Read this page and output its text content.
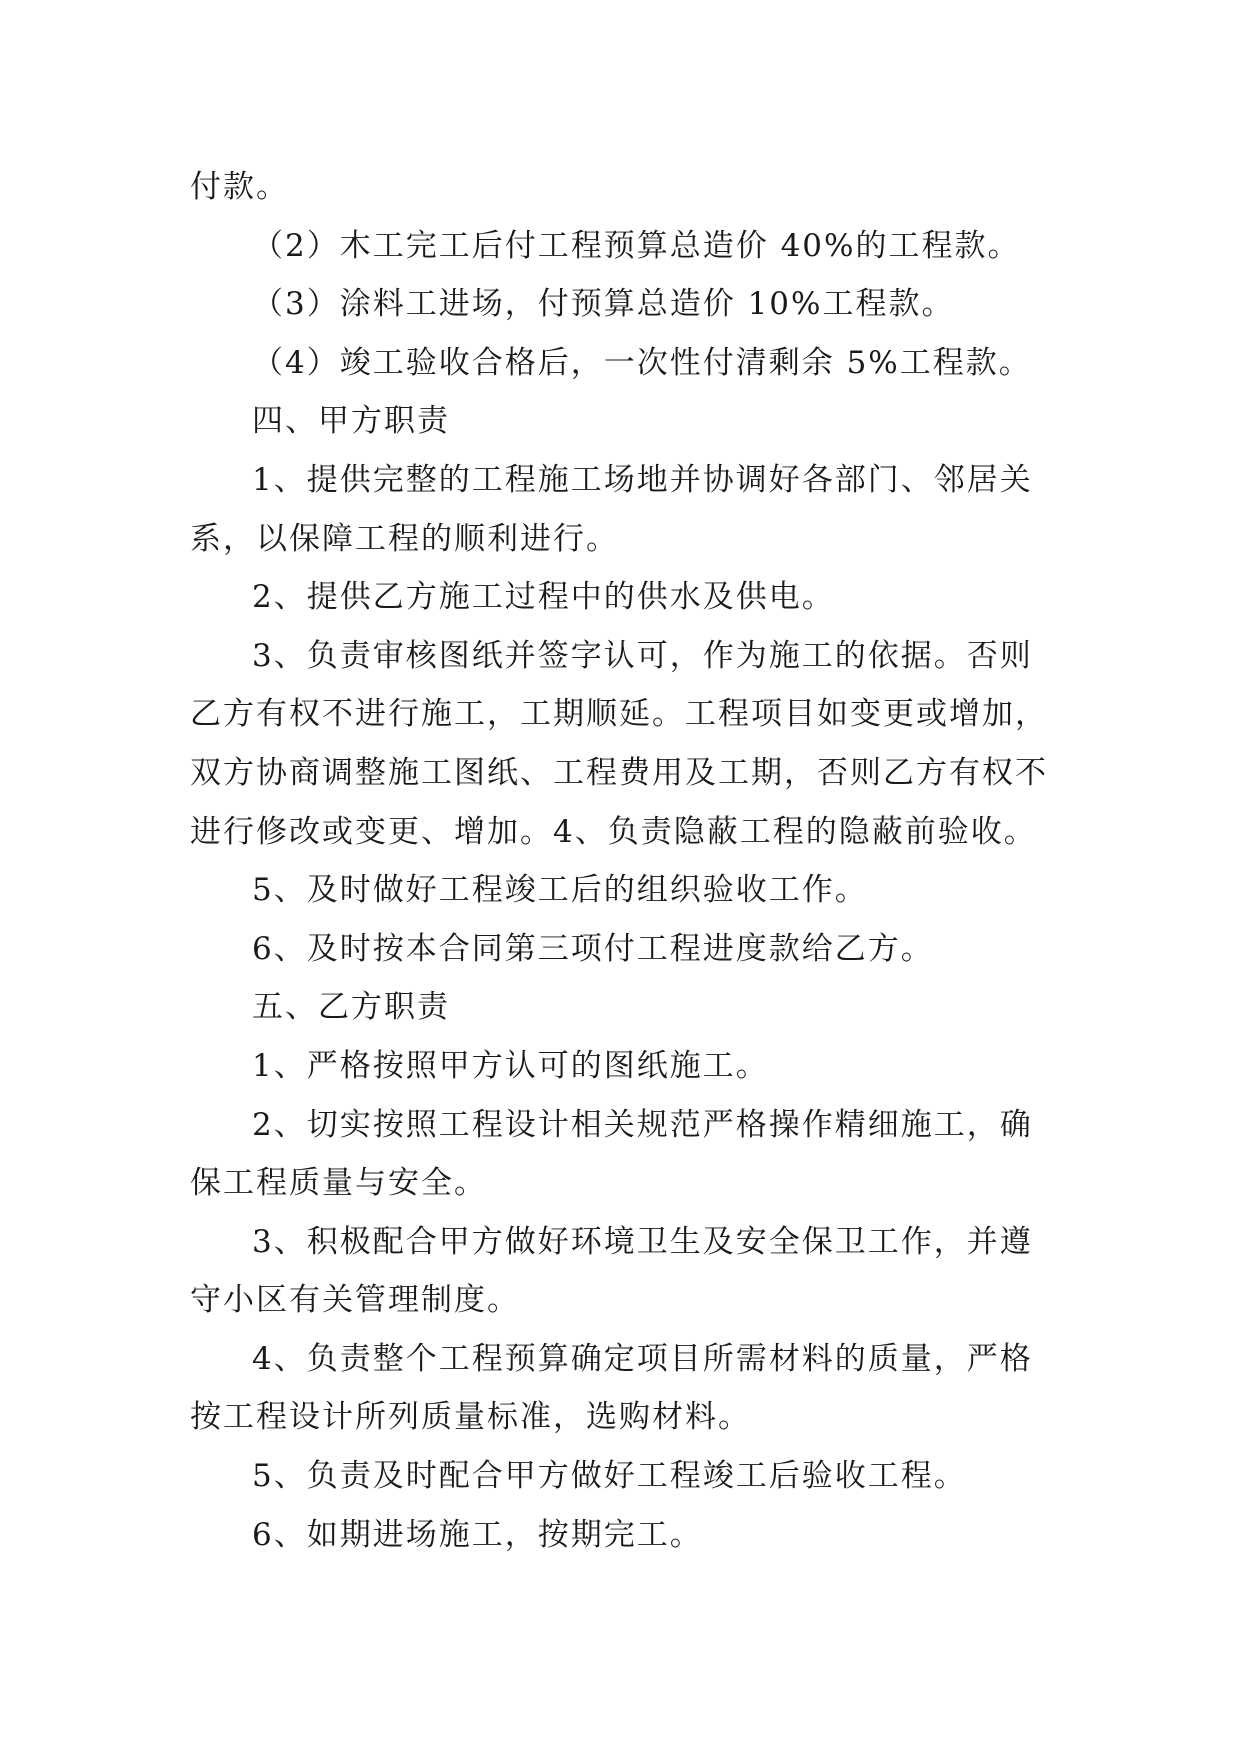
付款。

（2）木工完工后付工程预算总造价 40%的工程款。

（3）涂料工进场，付预算总造价 10%工程款。

（4）竣工验收合格后，一次性付清剩余 5%工程款。

四、甲方职责

1、提供完整的工程施工场地并协调好各部门、邻居关

系，以保障工程的顺利进行。

2、提供乙方施工过程中的供水及供电。

3、负责审核图纸并签字认可，作为施工的依据。否则

乙方有权不进行施工，工期顺延。工程项目如变更或增加，

双方协商调整施工图纸、工程费用及工期，否则乙方有权不

进行修改或变更、增加。4、负责隐蔽工程的隐蔽前验收。

5、及时做好工程竣工后的组织验收工作。

6、及时按本合同第三项付工程进度款给乙方。

五、乙方职责

1、严格按照甲方认可的图纸施工。

2、切实按照工程设计相关规范严格操作精细施工，确

保工程质量与安全。

3、积极配合甲方做好环境卫生及安全保卫工作，并遵

守小区有关管理制度。

4、负责整个工程预算确定项目所需材料的质量，严格

按工程设计所列质量标准，选购材料。

5、负责及时配合甲方做好工程竣工后验收工程。

6、如期进场施工，按期完工。
